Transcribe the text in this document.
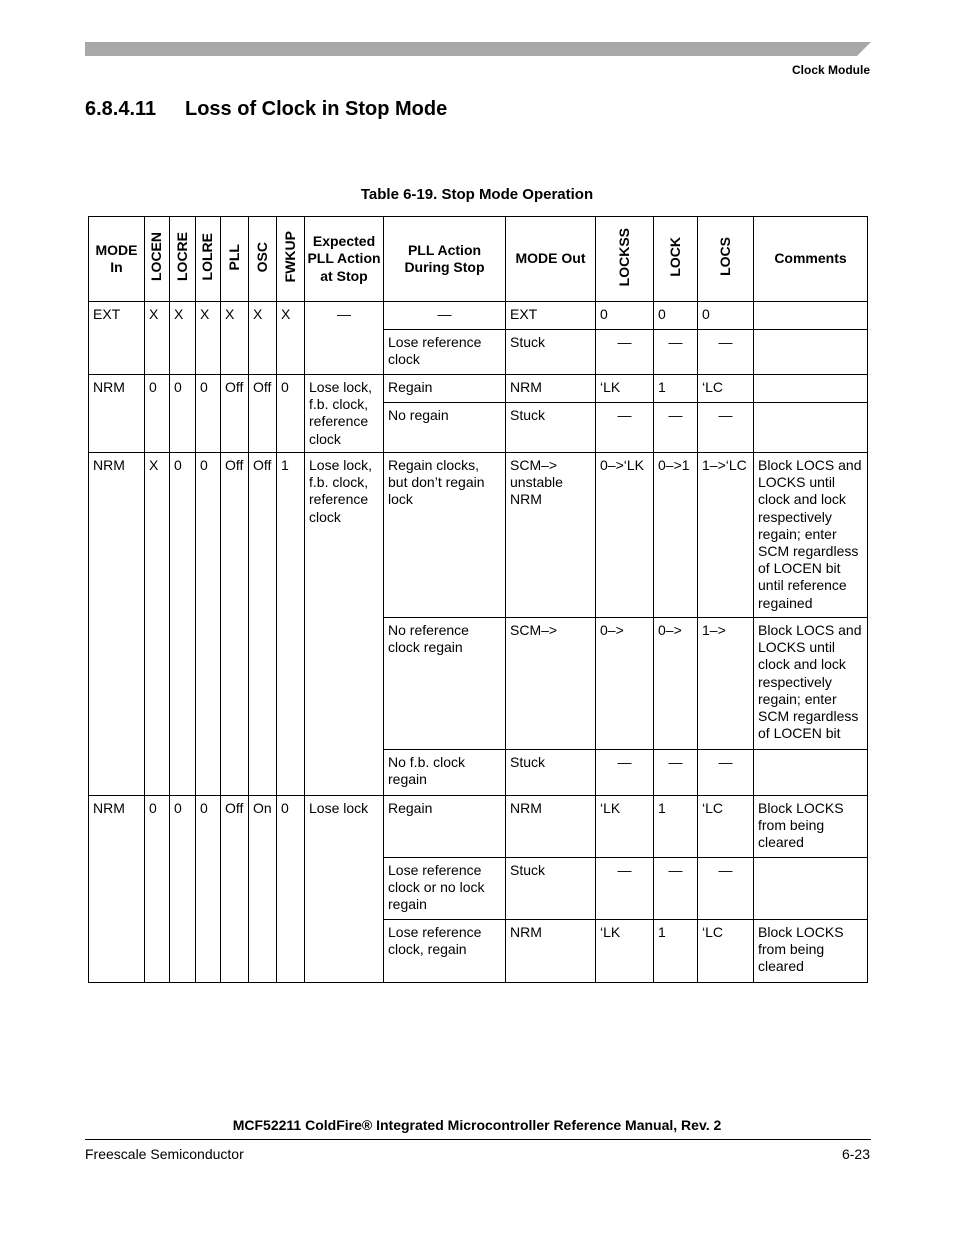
Clock Module
6.8.4.11 Loss of Clock in Stop Mode
Table 6-19. Stop Mode Operation
MODE In	LOCEN	LOCRE	LOLRE	PLL	OSC	FWKUP	Expected PLL Action at Stop	PLL Action During Stop	MODE Out	LOCKSS	LOCK	LOCS	Comments
EXT	X	X	X	X	X	X	—	—	EXT	0	0	0	
								Lose reference clock	Stuck	—	—	—	
NRM	0	0	0	Off	Off	0	Lose lock, f.b. clock, reference clock	Regain	NRM	‘LK	1	‘LC	
								No regain	Stuck	—	—	—	
NRM	X	0	0	Off	Off	1	Lose lock, f.b. clock, reference clock	Regain clocks, but don’t regain lock	SCM–> unstable NRM	0–>‘LK	0–>1	1–>‘LC	Block LOCS and LOCKS until clock and lock respectively regain; enter SCM regardless of LOCEN bit until reference regained
								No reference clock regain	SCM–>	0–>	0–>	1–>	Block LOCS and LOCKS until clock and lock respectively regain; enter SCM regardless of LOCEN bit
								No f.b. clock regain	Stuck	—	—	—	
NRM	0	0	0	Off	On	0	Lose lock	Regain	NRM	‘LK	1	‘LC	Block LOCKS from being cleared
								Lose reference clock or no lock regain	Stuck	—	—	—	
								Lose reference clock, regain	NRM	‘LK	1	‘LC	Block LOCKS from being cleared
MCF52211 ColdFire® Integrated Microcontroller Reference Manual, Rev. 2
Freescale Semiconductor	6-23
